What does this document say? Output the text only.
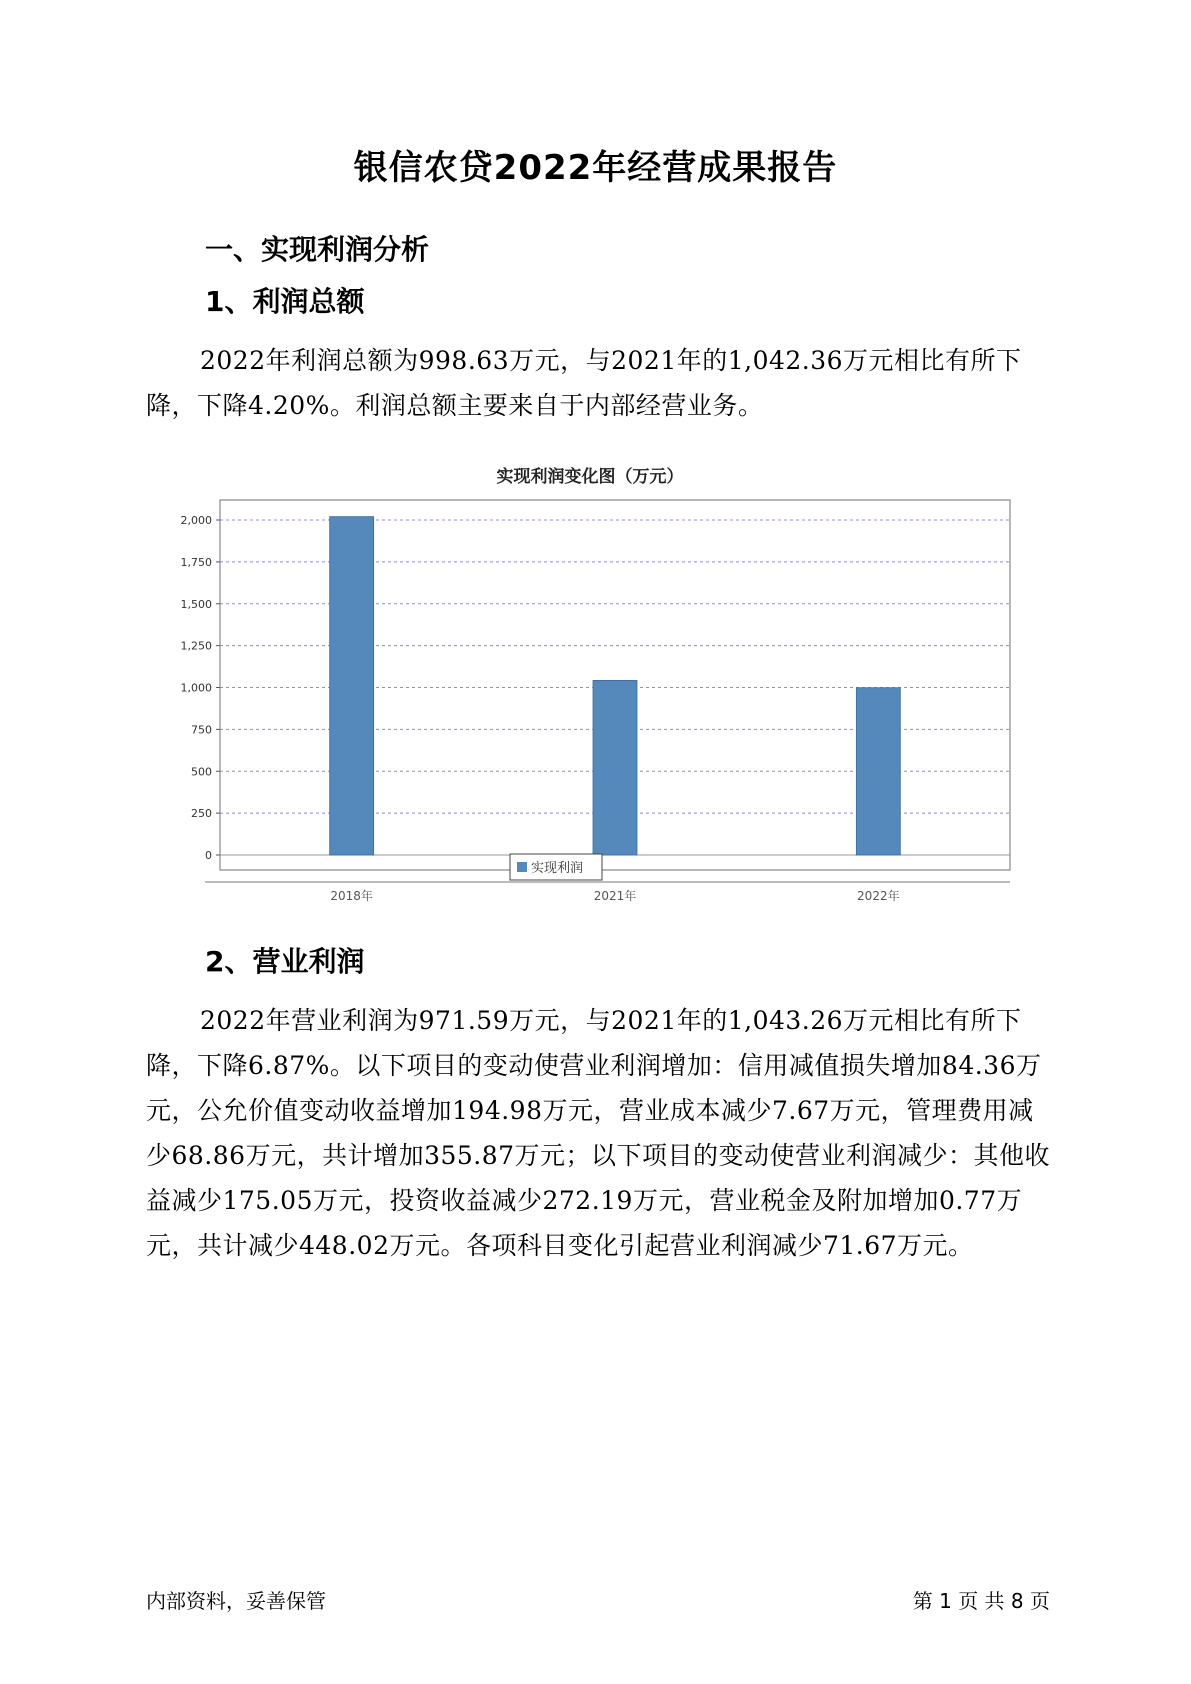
银信农贷2022年经营成果报告
一、实现利润分析
1、利润总额

2022年利润总额为998.63万元，与2021年的1,042.36万元相比有所下降，下降4.20%。利润总额主要来自于内部经营业务。

实现利润变化图（万元）
0
250
500
750
1,000
1,250
1,500
1,750
2,000
2018年	2021年	2022年
实现利润
2、营业利润

2022年营业利润为971.59万元，与2021年的1,043.26万元相比有所下降，下降6.87%。以下项目的变动使营业利润增加：信用减值损失增加84.36万元，公允价值变动收益增加194.98万元，营业成本减少7.67万元，管理费用减少68.86万元，共计增加355.87万元；以下项目的变动使营业利润减少：其他收益减少175.05万元，投资收益减少272.19万元，营业税金及附加增加0.77万元，共计减少448.02万元。各项科目变化引起营业利润减少71.67万元。

内部资料，妥善保管	第 1 页 共 8 页
